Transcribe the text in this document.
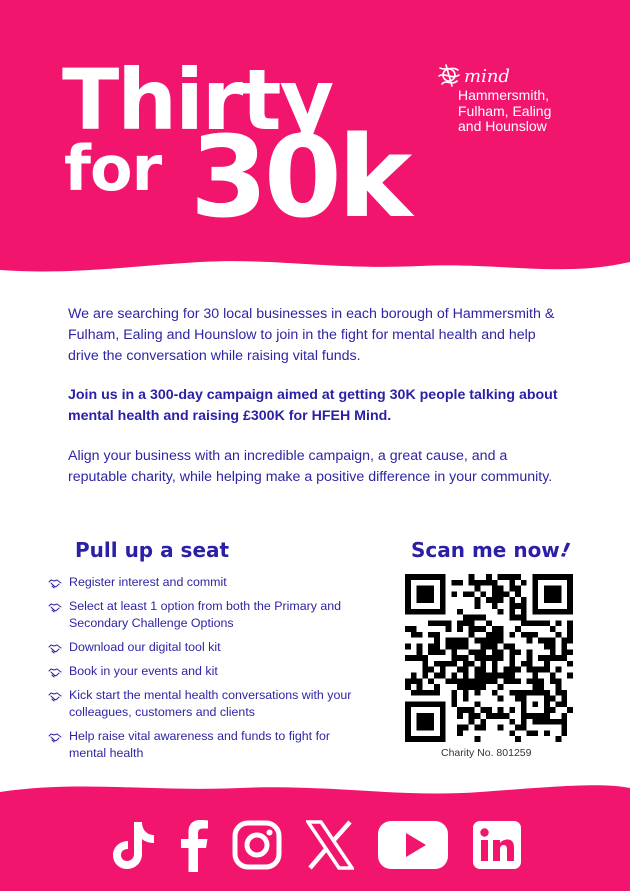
Thirty
for 30k
mind
Hammersmith,
Fulham, Ealing
and Hounslow

We are searching for 30 local businesses in each borough of Hammersmith & Fulham, Ealing and Hounslow to join in the fight for mental health and help drive the conversation while raising vital funds.

Join us in a 300-day campaign aimed at getting 30K people talking about mental health and raising £300K for HFEH Mind.

Align your business with an incredible campaign, a great cause, and a reputable charity, while helping make a positive difference in your community.

Pull up a seat	Scan me now!
Register interest and commit
Select at least 1 option from both the Primary and Secondary Challenge Options
Download our digital tool kit
Book in your events and kit
Kick start the mental health conversations with your colleagues, customers and clients
Help raise vital awareness and funds to fight for mental health	Charity No. 801259
